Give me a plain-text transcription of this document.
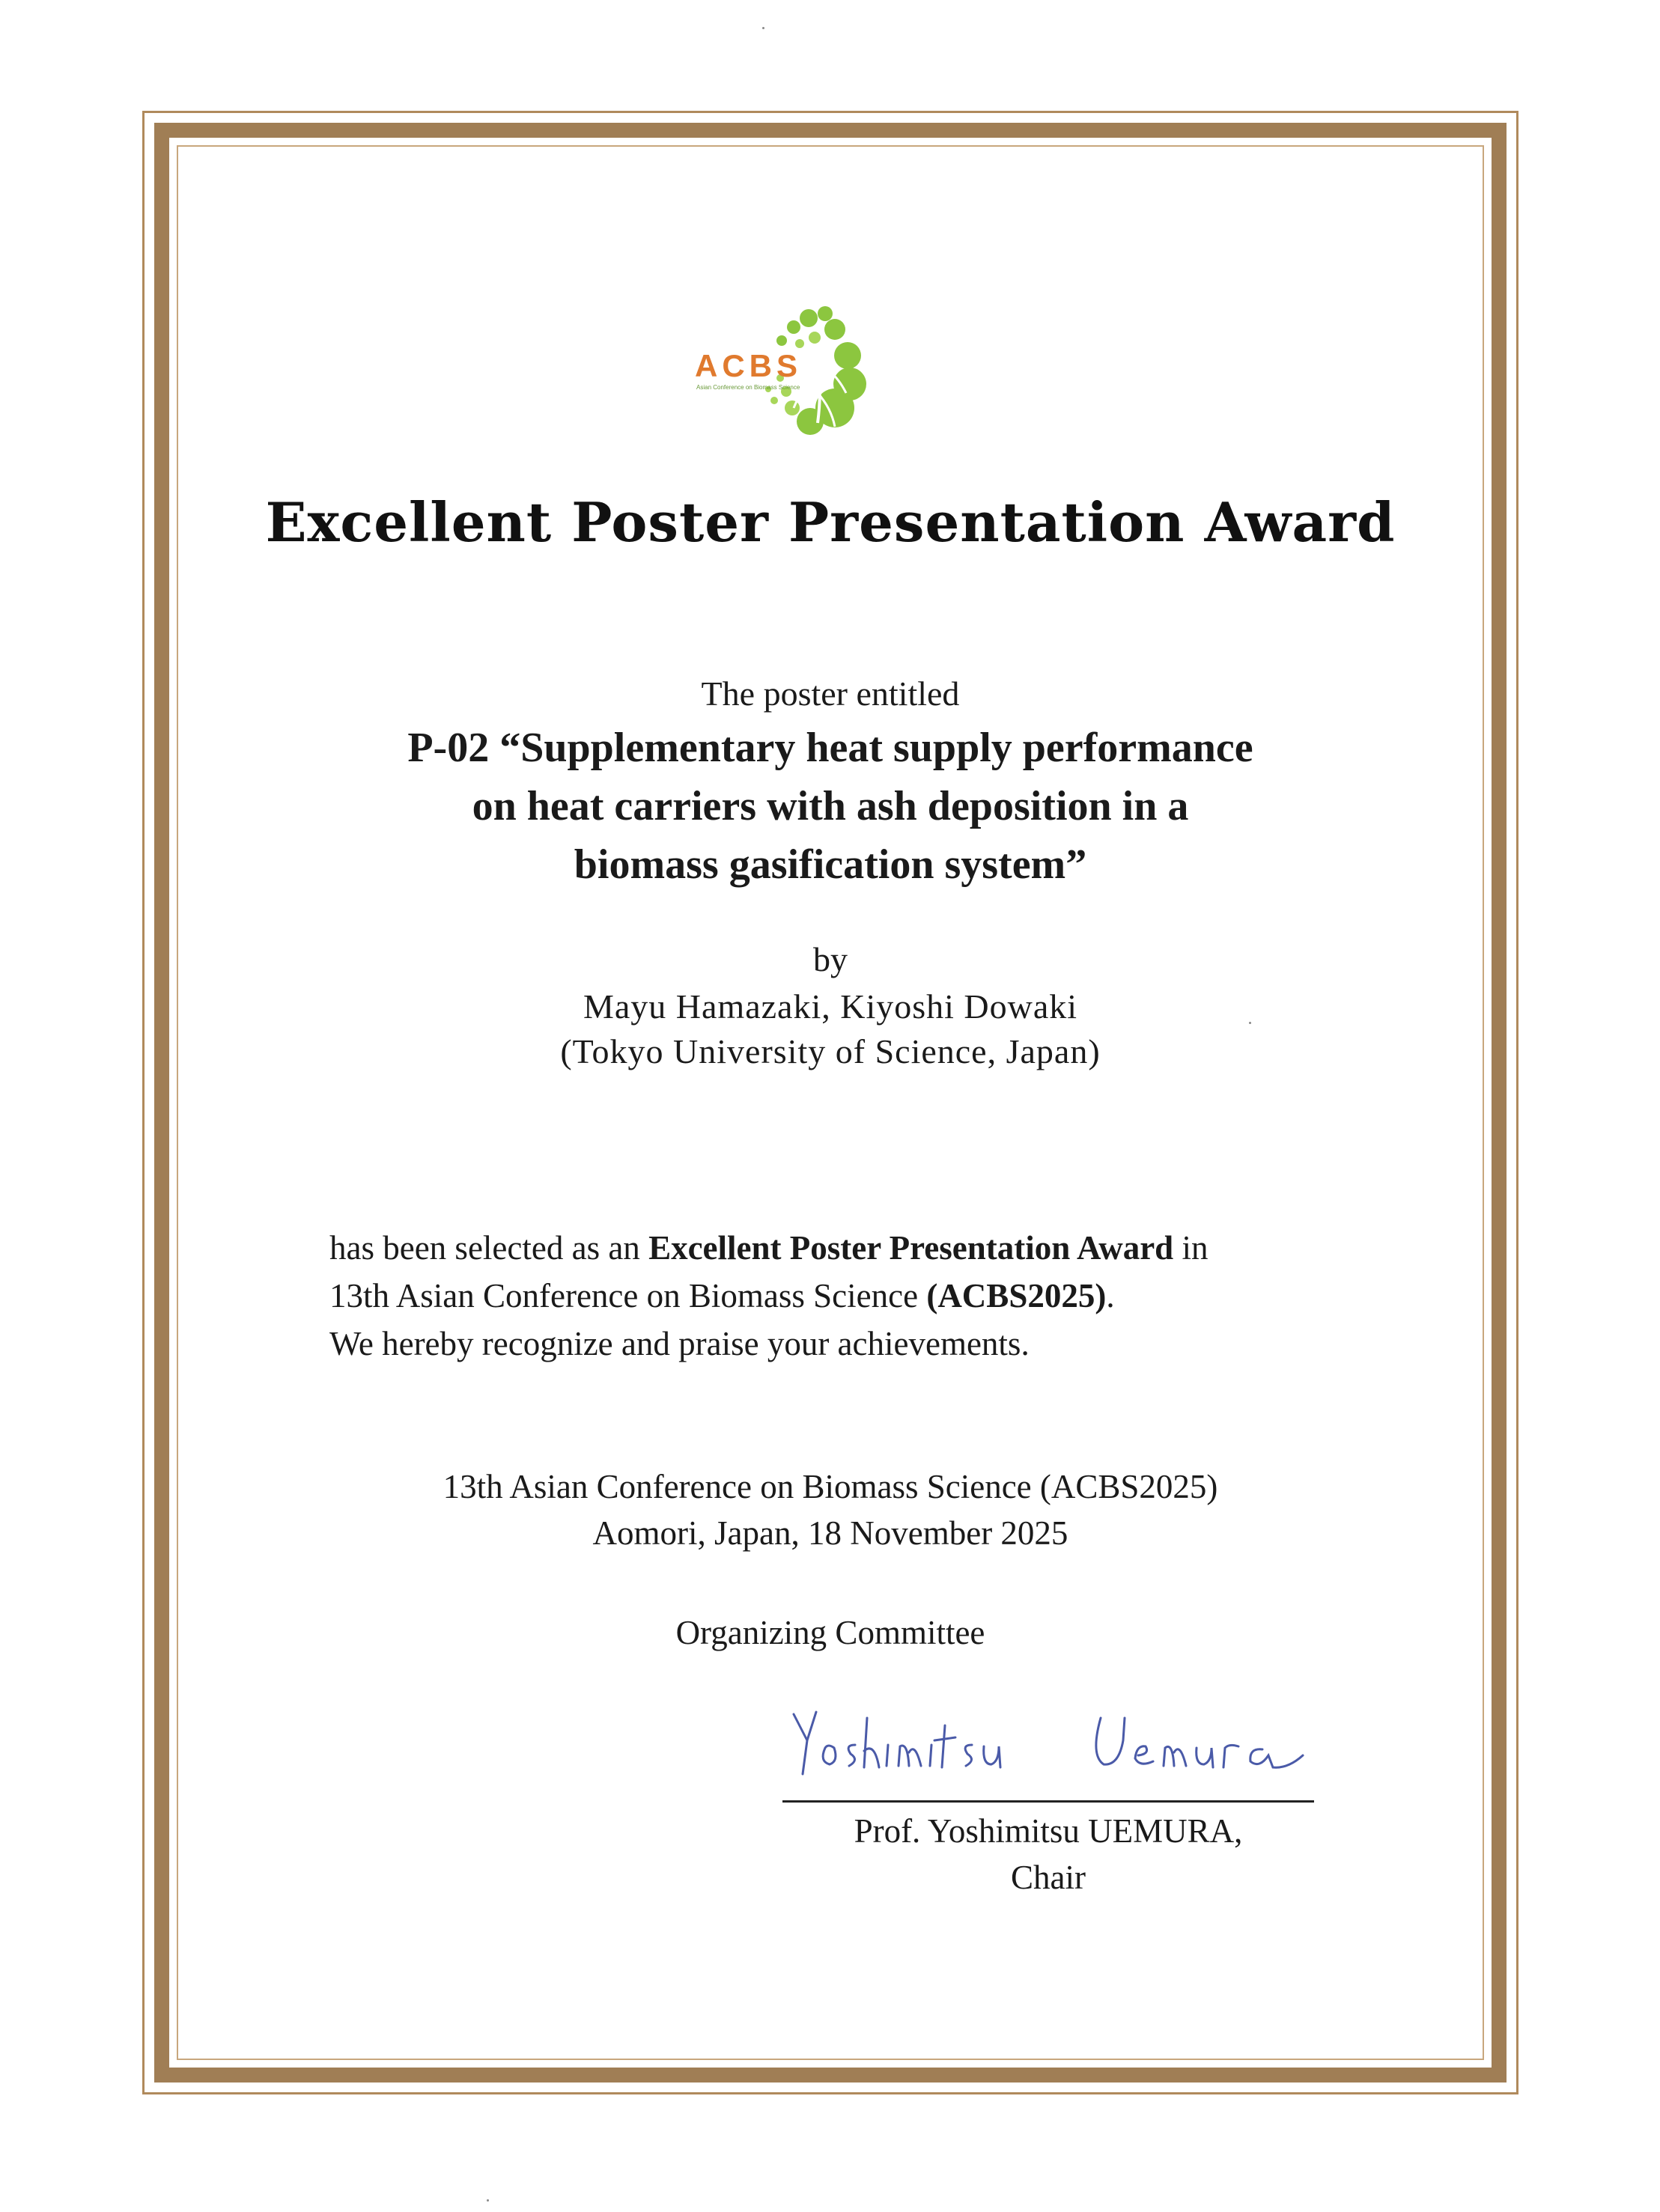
ACBS
Asian Conference on Biomass Science
Excellent Poster Presentation Award
The poster entitled
P-02 “Supplementary heat supply performance
on heat carriers with ash deposition in a
biomass gasification system”
by
Mayu Hamazaki, Kiyoshi Dowaki
(Tokyo University of Science, Japan)
has been selected as an Excellent Poster Presentation Award in
13th Asian Conference on Biomass Science (ACBS2025).
We hereby recognize and praise your achievements.
13th Asian Conference on Biomass Science (ACBS2025)
Aomori, Japan, 18 November 2025
Organizing Committee
Prof. Yoshimitsu UEMURA,
Chair
